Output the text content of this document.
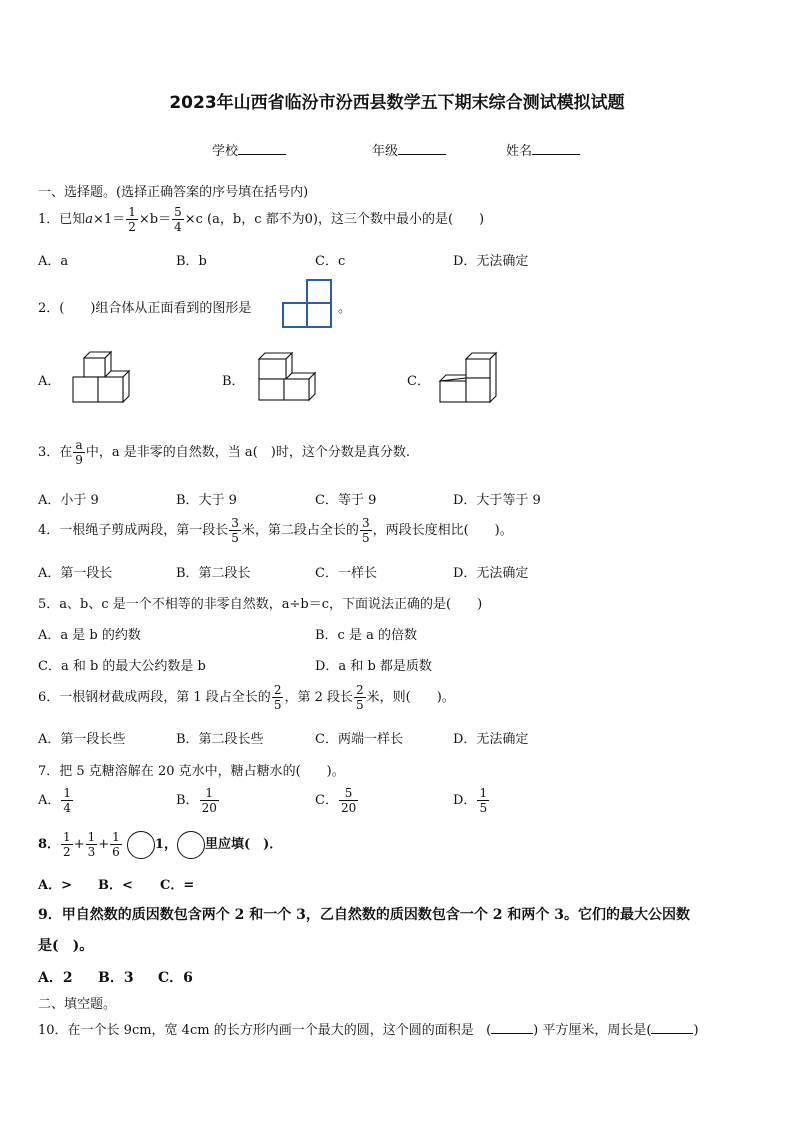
2023年山西省临汾市汾西县数学五下期末综合测试模拟试题
学校	年级	姓名
一、选择题。(选择正确答案的序号填在括号内)
1．已知$a\times 1= \frac{1}{2} \times b= \frac{5}{4} \times c$ (a，b，c 都不为0)，这三个数中最小的是(　　)
A．a	B．b	C．c	D．无法确定
2．(　　)组合体从正面看到的图形是	。
A．	B．	C．
3．在 $\frac{a}{9}$ 中，a 是非零的自然数，当 a(　)时，这个分数是真分数.
A．小于 9	B．大于 9	C．等于 9	D．大于等于 9
4．一根绳子剪成两段，第一段长 $\frac{3}{5}$ 米，第二段占全长的 $\frac{3}{5}$ ，两段长度相比(　　)。
A．第一段长	B．第二段长	C．一样长	D．无法确定
5．a、b、c 是一个不相等的非零自然数，a÷b＝c，下面说法正确的是(　　)
A．a 是 b 的约数	B．c 是 a 的倍数
C．a 和 b 的最大公约数是 b	D．a 和 b 都是质数
6．一根钢材截成两段，第 1 段占全长的 $\frac{2}{5}$ ，第 2 段长 $\frac{2}{5}$ 米，则(　　)。
A．第一段长些	B．第二段长些	C．两端一样长	D．无法确定
7．把 5 克糖溶解在 20 克水中，糖占糖水的(　　)。
A． $\frac{1}{4}$	B． $\frac{1}{20}$	C． $\frac{5}{20}$	D． $\frac{1}{5}$
8． $\frac{1}{2} + \frac{1}{3} + \frac{1}{6}$	1， 里应填(　)．
A．> B．< C．=
9．甲自然数的质因数包含两个 2 和一个 3，乙自然数的质因数包含一个 2 和两个 3。它们的最大公因数
是(　)。
A．2 B．3 C．6
二、填空题。
10．在一个长 9cm，宽 4cm 的长方形内画一个最大的圆，这个圆的面积是   (	) 平方厘米，周长是(	)
